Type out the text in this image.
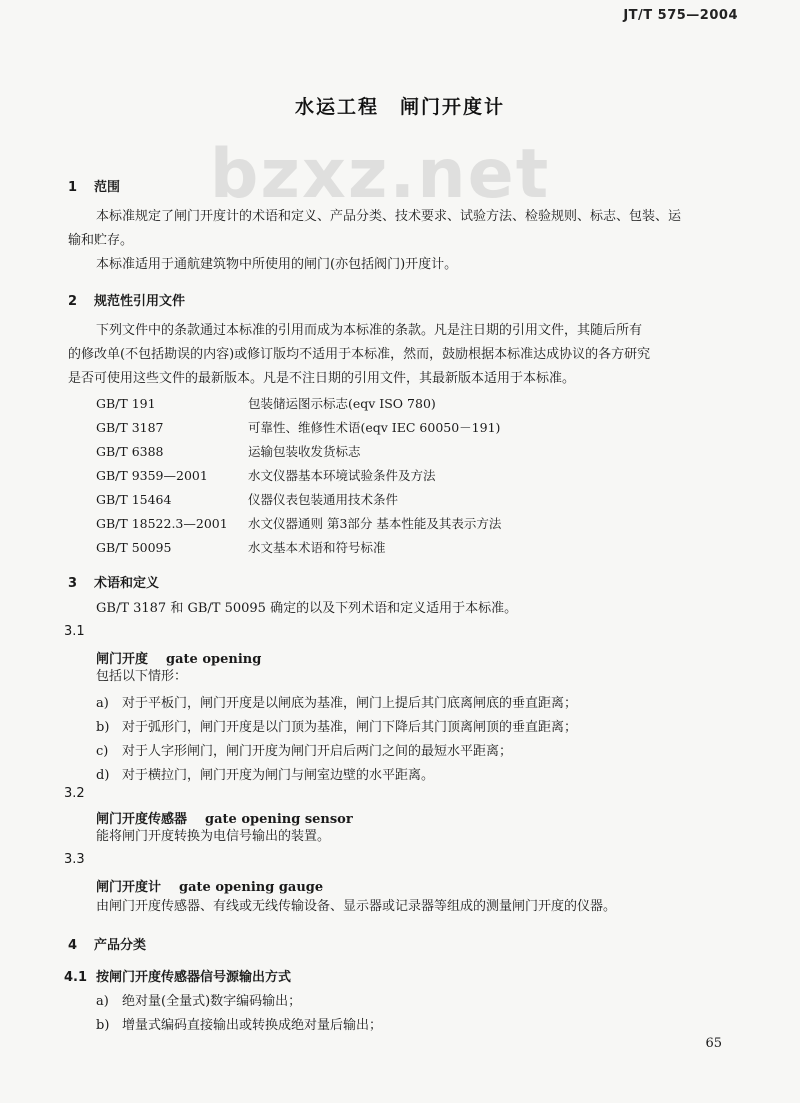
JT/T 575—2004
水运工程　闸门开度计
bzxz.net
1 范围
本标准规定了闸门开度计的术语和定义、产品分类、技术要求、试验方法、检验规则、标志、包装、运
输和贮存。
本标准适用于通航建筑物中所使用的闸门(亦包括阀门)开度计。
2 规范性引用文件
下列文件中的条款通过本标准的引用而成为本标准的条款。凡是注日期的引用文件，其随后所有
的修改单(不包括勘误的内容)或修订版均不适用于本标准，然而，鼓励根据本标准达成协议的各方研究
是否可使用这些文件的最新版本。凡是不注日期的引用文件，其最新版本适用于本标准。
GB/T 191	包装储运图示标志(eqv ISO 780)
GB/T 3187	可靠性、维修性术语(eqv IEC 60050－191)
GB/T 6388	运输包装收发货标志
GB/T 9359—2001	水文仪器基本环境试验条件及方法
GB/T 15464	仪器仪表包装通用技术条件
GB/T 18522.3—2001 水文仪器通则 第3部分 基本性能及其表示方法
GB/T 50095	水文基本术语和符号标准
3 术语和定义
GB/T 3187 和 GB/T 50095 确定的以及下列术语和定义适用于本标准。
3.1
闸门开度 gate opening
包括以下情形：
a) 对于平板门，闸门开度是以闸底为基准，闸门上提后其门底离闸底的垂直距离；
b) 对于弧形门，闸门开度是以门顶为基准，闸门下降后其门顶离闸顶的垂直距离；
c) 对于人字形闸门，闸门开度为闸门开启后两门之间的最短水平距离；
d) 对于横拉门，闸门开度为闸门与闸室边壁的水平距离。
3.2
闸门开度传感器 gate opening sensor
能将闸门开度转换为电信号输出的装置。
3.3
闸门开度计 gate opening gauge
由闸门开度传感器、有线或无线传输设备、显示器或记录器等组成的测量闸门开度的仪器。
4 产品分类
4.1 按闸门开度传感器信号源输出方式
a) 绝对量(全量式)数字编码输出；
b) 增量式编码直接输出或转换成绝对量后输出；
65
